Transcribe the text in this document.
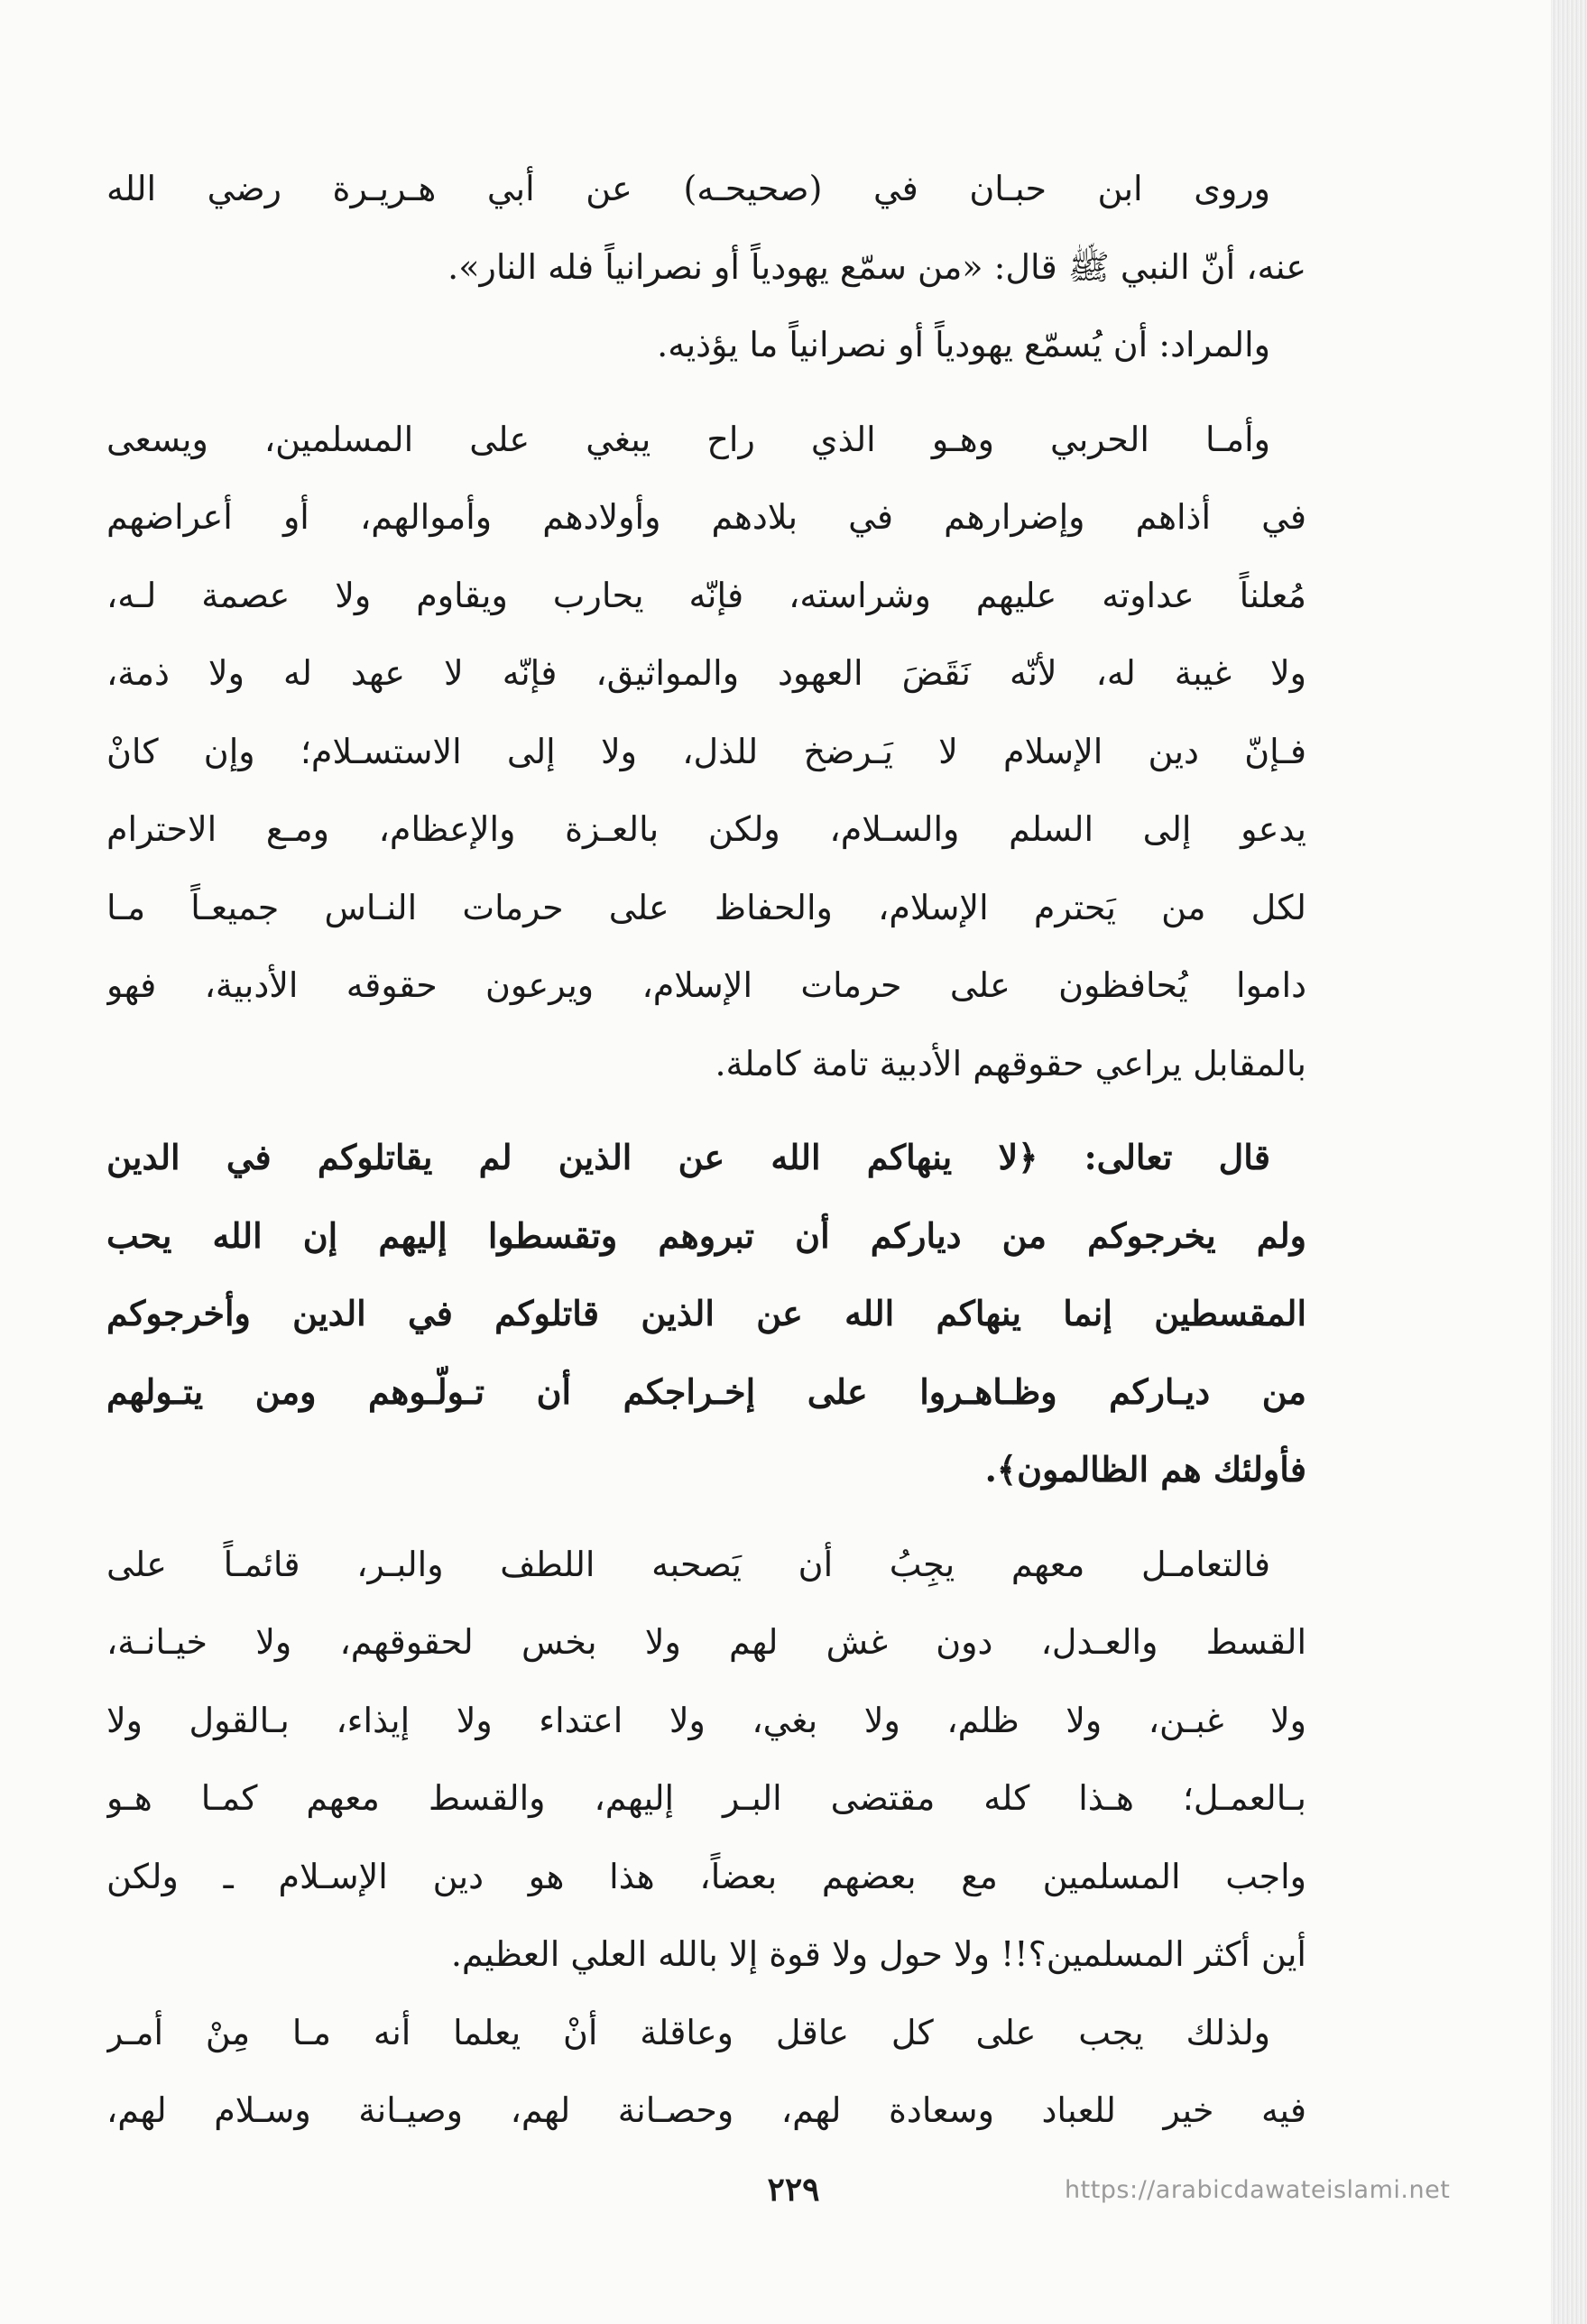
وروى ابن حبـان في (صحيحـه) عن أبي هـريـرة رضي الله
عنه، أنّ النبي ﷺ قال: «من سمّع يهودياً أو نصرانياً فله النار».

والمراد: أن يُسمّع يهودياً أو نصرانياً ما يؤذيه.

وأمـا الحربي وهـو الذي راح يبغي على المسلمين، ويسعى
في أذاهم وإضرارهم في بلادهم وأولادهم وأموالهم، أو أعراضهم
مُعلناً عداوته عليهم وشراسته، فإنّه يحارب ويقاوم ولا عصمة لـه،
ولا غيبة له، لأنّه نَقَضَ العهود والمواثيق، فإنّه لا عهد له ولا ذمة،
فـإنّ دين الإسلام لا يَـرضخ للذل، ولا إلى الاستسـلام؛ وإن كانْ
يدعو إلى السلم والسـلام، ولكن بالعـزة والإعظام، ومـع الاحترام
لكل من يَحترم الإسلام، والحفاظ على حرمات النـاس جميعـاً مـا
داموا يُحافظون على حرمات الإسلام، ويرعون حقوقه الأدبية، فهو
بالمقابل يراعي حقوقهم الأدبية تامة كاملة.

قال تعالى: ﴿لا ينهاكم الله عن الذين لم يقاتلوكم في الدين
ولم يخرجوكم من دياركم أن تبروهم وتقسطوا إليهم إن الله يحب
المقسطين إنما ينهاكم الله عن الذين قاتلوكم في الدين وأخرجوكم
من ديـاركم وظـاهـروا على إخـراجكم أن تـولّـوهم ومن يتـولهم
فأولئك هم الظالمون﴾.

فالتعامـل معهم يجِبُ أن يَصحبه اللطف والبـر، قائمـاً على
القسط والعـدل، دون غش لهم ولا بخس لحقوقهم، ولا خيـانـة،
ولا غبـن، ولا ظلم، ولا بغي، ولا اعتداء ولا إيذاء، بـالقول ولا
بـالعمـل؛ هـذا كله مقتضى البـر إليهم، والقسط معهم كمـا هـو
واجب المسلمين مع بعضهم بعضاً، هذا هو دين الإسـلام ـ ولكن
أين أكثر المسلمين؟!! ولا حول ولا قوة إلا بالله العلي العظيم.

ولذلك يجب على كل عاقل وعاقلة أنْ يعلما أنه مـا مِنْ أمـر
فيه خير للعباد وسعادة لهم، وحصـانة لهم، وصيـانة وسـلام لهم،

٢٢٩	https://arabicdawateislami.net
